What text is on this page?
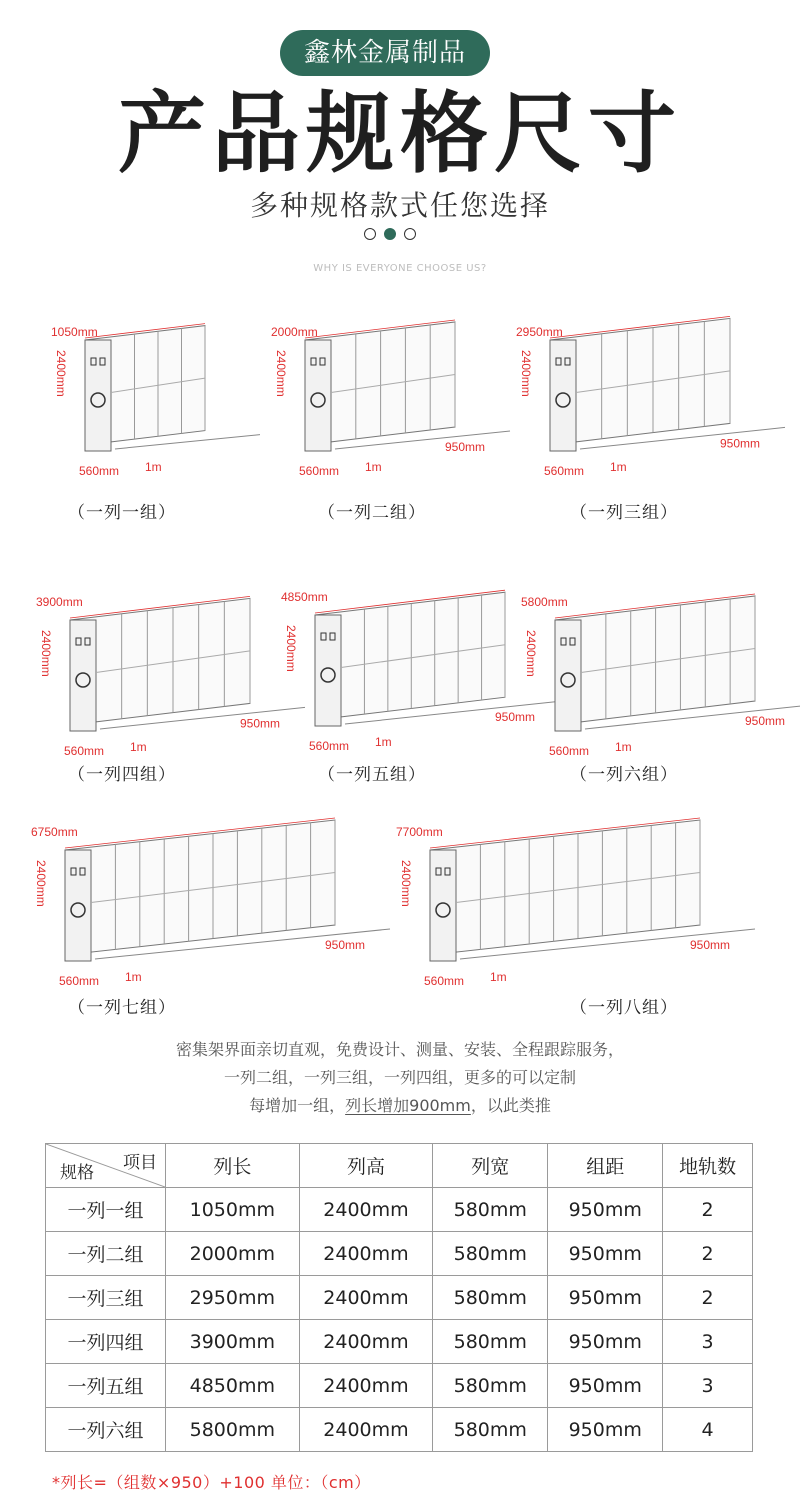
鑫林金属制品
产品规格尺寸
多种规格款式任您选择
WHY IS EVERYONE CHOOSE US?
1050mm
2400mm
560mm 1m
2000mm
2400mm
560mm 1m
950mm
2950mm
2400mm
560mm 1m
950mm
3900mm
2400mm
560mm 1m
950mm
4850mm
2400mm
560mm 1m
950mm
5800mm
2400mm
560mm 1m
950mm
6750mm
2400mm
560mm 1m
950mm
7700mm
2400mm
560mm 1m
950mm
（一列一组）	（一列二组）	（一列三组）
（一列四组）	（一列五组）	（一列六组）
（一列七组）	（一列八组）
密集架界面亲切直观，免费设计、测量、安装、全程跟踪服务，
一列二组，一列三组，一列四组，更多的可以定制
每增加一组，列长增加900mm，以此类推
项目
规格	列长	列高	列宽	组距	地轨数
一列一组	1050mm	2400mm	580mm	950mm	2
一列二组	2000mm	2400mm	580mm	950mm	2
一列三组	2950mm	2400mm	580mm	950mm	2
一列四组	3900mm	2400mm	580mm	950mm	3
一列五组	4850mm	2400mm	580mm	950mm	3
一列六组	5800mm	2400mm	580mm	950mm	4
*列长=（组数×950）+100 单位：（cm）
